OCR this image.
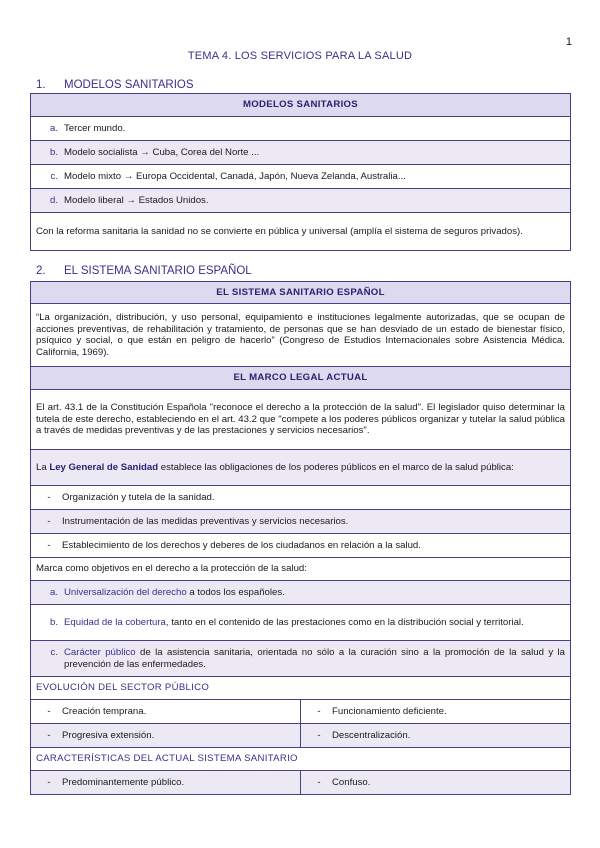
1
TEMA 4. LOS SERVICIOS PARA LA SALUD
1. MODELOS SANITARIOS
MODELOS SANITARIOS

a. Tercer mundo.

b. Modelo socialista → Cuba, Corea del Norte ...

c. Modelo mixto → Europa Occidental, Canadá, Japón, Nueva Zelanda, Australia...

d. Modelo liberal → Estados Unidos.

Con la reforma sanitaria la sanidad no se convierte en pública y universal (amplía el sistema de seguros privados).
2. EL SISTEMA SANITARIO ESPAÑOL
EL SISTEMA SANITARIO ESPAÑOL	
“La organización, distribución, y uso personal, equipamiento e instituciones legalmente autorizadas, que se ocupan de acciones preventivas, de rehabilitación y tratamiento, de personas que se han desviado de un estado de bienestar físico, psíquico y social, o que están en peligro de hacerlo” (Congreso de Estudios Internacionales sobre Asistencia Médica. California, 1969).	
EL MARCO LEGAL ACTUAL	
El art. 43.1 de la Constitución Española "reconoce el derecho a la protección de la salud". El legislador quiso determinar la tutela de este derecho, estableciendo en el art. 43.2 que "compete a los poderes públicos organizar y tutelar la salud pública a través de medidas preventivas y de las prestaciones y servicios necesarios".	
La Ley General de Sanidad establece las obligaciones de los poderes públicos en el marco de la salud pública:	

- Organización y tutela de la sanidad.	

- Instrumentación de las medidas preventivas y servicios necesarios.	

- Establecimiento de los derechos y deberes de los ciudadanos en relación a la salud.	

Marca como objetivos en el derecho a la protección de la salud:	

a. Universalización del derecho a todos los españoles.	

b. Equidad de la cobertura, tanto en el contenido de las prestaciones como en la distribución social y territorial.	

c. Carácter público de la asistencia sanitaria, orientada no sólo a la curación sino a la promoción de la salud y la prevención de las enfermedades.	

EVOLUCIÓN DEL SECTOR PÚBLICO	

- Creación temprana.	- Funcionamiento deficiente.

- Progresiva extensión.	- Descentralización.

CARACTERÍSTICAS DEL ACTUAL SISTEMA SANITARIO	

- Predominantemente público.	- Confuso.
